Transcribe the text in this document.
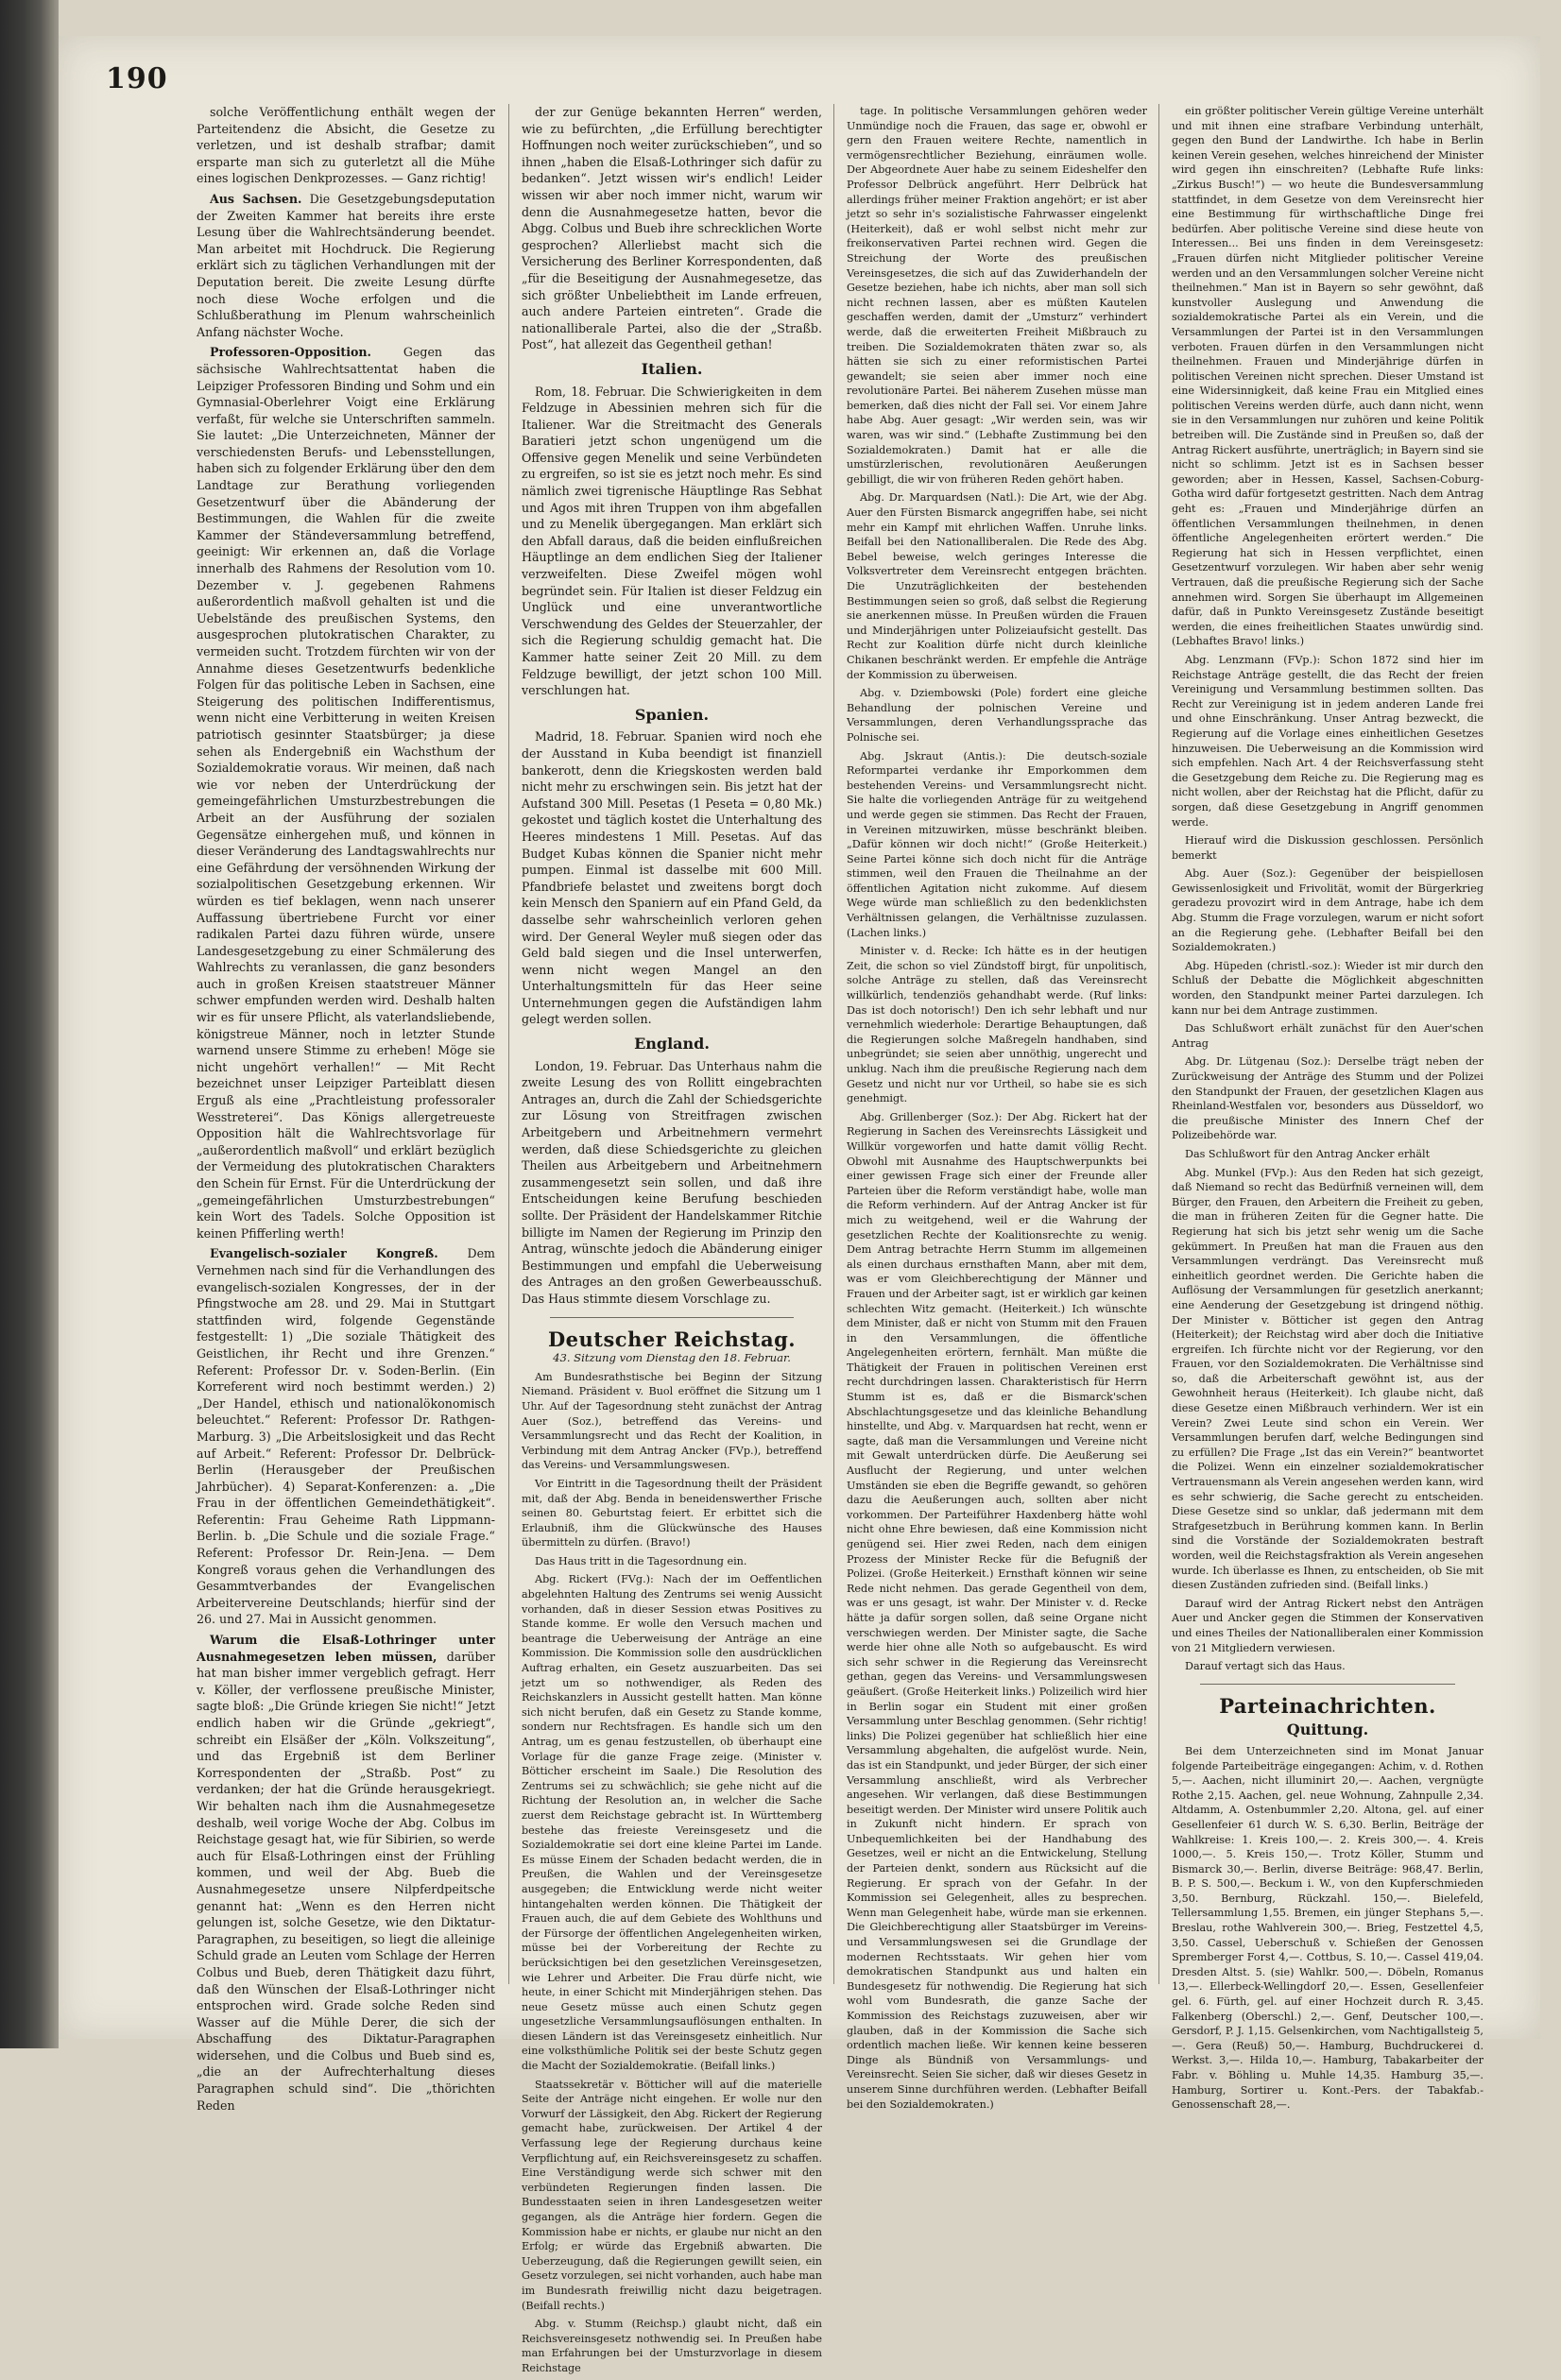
190

solche Veröffentlichung enthält wegen der Parteitendenz die Absicht, die Gesetze zu verletzen, und ist deshalb strafbar; damit ersparte man sich zu guterletzt all die Mühe eines logischen Denkprozesses. — Ganz richtig!

Aus Sachsen. Die Gesetzgebungsdeputation der Zweiten Kammer hat bereits ihre erste Lesung über die Wahlrechtsänderung beendet. Man arbeitet mit Hochdruck. Die Regierung erklärt sich zu täglichen Verhandlungen mit der Deputation bereit. Die zweite Lesung dürfte noch diese Woche erfolgen und die Schlußberathung im Plenum wahrscheinlich Anfang nächster Woche.

Professoren-Opposition.	Gegen das sächsische Wahlrechtsattentat haben die Leipziger Professoren Binding und Sohm und ein Gymnasial-Oberlehrer Voigt eine Erklärung verfaßt, für welche sie Unterschriften sammeln. Sie lautet: „Die Unterzeichneten, Männer der verschiedensten Berufs- und Lebensstellungen, haben sich zu folgender Erklärung über den dem Landtage zur Berathung vorliegenden Gesetzentwurf über die Abänderung der Bestimmungen, die Wahlen für die zweite Kammer der Ständeversammlung betreffend, geeinigt: Wir erkennen an, daß die Vorlage innerhalb des Rahmens der Resolution vom 10. Dezember v. J. gegebenen Rahmens außerordentlich maßvoll gehalten ist und die Uebelstände des preußischen Systems, den ausgesprochen plutokratischen Charakter, zu vermeiden sucht. Trotzdem fürchten wir von der Annahme dieses Gesetzentwurfs bedenkliche Folgen für das politische Leben in Sachsen, eine Steigerung des politischen Indifferentismus, wenn nicht eine Verbitterung in weiten Kreisen patriotisch gesinnter Staatsbürger; ja diese sehen als Endergebniß ein Wachsthum der Sozialdemokratie voraus. Wir meinen, daß nach wie vor neben der Unterdrückung der gemeingefährlichen Umsturzbestrebungen die Arbeit an der Ausführung der sozialen Gegensätze einhergehen muß, und können in dieser Veränderung des Landtagswahlrechts nur eine Gefährdung der versöhnenden Wirkung der sozialpolitischen Gesetzgebung erkennen. Wir würden es tief beklagen, wenn nach unserer Auffassung übertriebene Furcht vor einer radikalen Partei dazu führen würde, unsere Landesgesetzgebung zu einer Schmälerung des Wahlrechts zu veranlassen, die ganz besonders auch in großen Kreisen staatstreuer Männer schwer empfunden werden wird. Deshalb halten wir es für unsere Pflicht, als vaterlandsliebende, königstreue Männer, noch in letzter Stunde warnend unsere Stimme zu erheben! Möge sie nicht ungehört verhallen!“ — Mit Recht bezeichnet unser Leipziger Parteiblatt diesen Erguß als eine „Prachtleistung professoraler Wesstreterei“. Das Königs allergetreueste Opposition hält die Wahlrechtsvorlage für „außerordentlich maßvoll“ und erklärt bezüglich der Vermeidung des plutokratischen Charakters den Schein für Ernst. Für die Unterdrückung der „gemeingefährlichen Umsturzbestrebungen“ kein Wort des Tadels. Solche Opposition ist keinen Pfifferling werth!

Evangelisch-sozialer Kongreß. Dem Vernehmen nach sind für die Verhandlungen des evangelisch-sozialen Kongresses, der in der Pfingstwoche am 28. und 29. Mai in Stuttgart stattfinden wird, folgende Gegenstände festgestellt: 1) „Die soziale Thätigkeit des Geistlichen, ihr Recht und ihre Grenzen.“ Referent: Professor Dr. v. Soden-Berlin. (Ein Korreferent wird noch bestimmt werden.) 2) „Der Handel, ethisch und nationalökonomisch beleuchtet.“ Referent: Professor Dr. Rathgen-Marburg. 3) „Die Arbeitslosigkeit und das Recht auf Arbeit.“ Referent: Professor Dr. Delbrück-Berlin (Herausgeber der Preußischen Jahrbücher). 4) Separat-Konferenzen: a. „Die Frau in der öffentlichen Gemeindethätigkeit“. Referentin: Frau Geheime Rath Lippmann-Berlin. b. „Die Schule und die soziale Frage.“ Referent: Professor Dr. Rein-Jena. — Dem Kongreß voraus gehen die Verhandlungen des Gesammtverbandes der Evangelischen Arbeitervereine Deutschlands; hierfür sind der 26. und 27. Mai in Aussicht genommen.

Warum die Elsaß-Lothringer unter Ausnahmegesetzen leben müssen, darüber hat man bisher immer vergeblich gefragt. Herr v. Köller, der verflossene preußische Minister, sagte bloß: „Die Gründe kriegen Sie nicht!“ Jetzt endlich haben wir die Gründe „gekriegt“, schreibt ein Elsäßer der „Köln. Volkszeitung“, und das Ergebniß ist dem Berliner Korrespondenten der „Straßb. Post“ zu verdanken; der hat die Gründe herausgekriegt. Wir behalten nach ihm die Ausnahmegesetze deshalb, weil vorige Woche der Abg. Colbus im Reichstage gesagt hat, wie für Sibirien, so werde auch für Elsaß-Lothringen einst der Frühling kommen, und weil der Abg. Bueb die Ausnahmegesetze unsere Nilpferdpeitsche genannt hat: „Wenn es den Herren nicht gelungen ist, solche Gesetze, wie den Diktatur-Paragraphen, zu beseitigen, so liegt die alleinige Schuld grade an Leuten vom Schlage der Herren Colbus und Bueb, deren Thätigkeit dazu führt, daß den Wünschen der Elsaß-Lothringer nicht entsprochen wird. Grade solche Reden sind Wasser auf die Mühle Derer, die sich der Abschaffung des Diktatur-Paragraphen widersehen, und die Colbus und Bueb sind es, „die an der Aufrechterhaltung dieses Paragraphen schuld sind“. Die „thörichten Reden

der zur Genüge bekannten Herren“ werden, wie zu befürchten, „die Erfüllung berechtigter Hoffnungen noch weiter zurückschieben“, und so ihnen „haben die Elsaß-Lothringer sich dafür zu bedanken“. Jetzt wissen wir's endlich! Leider wissen wir aber noch immer nicht, warum wir denn die Ausnahmegesetze hatten, bevor die Abgg. Colbus und Bueb ihre schrecklichen Worte gesprochen? Allerliebst macht sich die Versicherung des Berliner Korrespondenten, daß „für die Beseitigung der Ausnahmegesetze, das sich größter Unbeliebtheit im Lande erfreuen, auch andere Parteien eintreten“. Grade die nationalliberale Partei, also die der „Straßb. Post“, hat allezeit das Gegentheil gethan!

Italien.

Rom, 18. Februar. Die Schwierigkeiten in dem Feldzuge in Abessinien mehren sich für die Italiener. War die Streitmacht des Generals Baratieri jetzt schon ungenügend um die Offensive gegen Menelik und seine Verbündeten zu ergreifen, so ist sie es jetzt noch mehr. Es sind nämlich zwei tigrenische Häuptlinge Ras Sebhat und Agos mit ihren Truppen von ihm abgefallen und zu Menelik übergegangen. Man erklärt sich den Abfall daraus, daß die beiden einflußreichen Häuptlinge an dem endlichen Sieg der Italiener verzweifelten. Diese Zweifel mögen wohl begründet sein. Für Italien ist dieser Feldzug ein Unglück und eine unverantwortliche Verschwendung des Geldes der Steuerzahler, der sich die Regierung schuldig gemacht hat. Die Kammer hatte seiner Zeit 20 Mill. zu dem Feldzuge bewilligt, der jetzt schon 100 Mill. verschlungen hat.

Spanien.

Madrid, 18. Februar. Spanien wird noch ehe der Ausstand in Kuba beendigt ist finanziell bankerott, denn die Kriegskosten werden bald nicht mehr zu erschwingen sein. Bis jetzt hat der Aufstand 300 Mill. Pesetas (1 Peseta = 0,80 Mk.) gekostet und täglich kostet die Unterhaltung des Heeres mindestens 1 Mill. Pesetas. Auf das Budget Kubas können die Spanier nicht mehr pumpen. Einmal ist dasselbe mit 600 Mill. Pfandbriefe belastet und zweitens borgt doch kein Mensch den Spaniern auf ein Pfand Geld, da dasselbe sehr wahrscheinlich verloren gehen wird. Der General Weyler muß siegen oder das Geld bald siegen und die Insel unterwerfen, wenn nicht wegen Mangel an den Unterhaltungsmitteln für das Heer seine Unternehmungen gegen die Aufständigen lahm gelegt werden sollen.

England.

London, 19. Februar. Das Unterhaus nahm die zweite Lesung des von Rollitt eingebrachten Antrages an, durch die Zahl der Schiedsgerichte zur Lösung von Streitfragen zwischen Arbeitgebern und Arbeitnehmern vermehrt werden, daß diese Schiedsgerichte zu gleichen Theilen aus Arbeitgebern und Arbeitnehmern zusammengesetzt sein sollen, und daß ihre Entscheidungen keine Berufung beschieden sollte. Der Präsident der Handelskammer Ritchie billigte im Namen der Regierung im Prinzip den Antrag, wünschte jedoch die Abänderung einiger Bestimmungen und empfahl die Ueberweisung des Antrages an den großen Gewerbeausschuß. Das Haus stimmte diesem Vorschlage zu.

Deutscher Reichstag.

43. Sitzung vom Dienstag den 18. Februar.

Am Bundesrathstische bei Beginn der Sitzung Niemand. Präsident v. Buol eröffnet die Sitzung um 1 Uhr. Auf der Tagesordnung steht zunächst der Antrag Auer (Soz.), betreffend das Vereins- und Versammlungsrecht und das Recht der Koalition, in Verbindung mit dem Antrag Ancker (FVp.), betreffend das Vereins- und Versammlungswesen.

Vor Eintritt in die Tagesordnung theilt der Präsident mit, daß der Abg. Benda in beneidenswerther Frische seinen 80. Geburtstag feiert. Er erbittet sich die Erlaubniß, ihm die Glückwünsche des Hauses übermitteln zu dürfen. (Bravo!)

Das Haus tritt in die Tagesordnung ein.

Abg. Rickert (FVg.): Nach der im Oeffentlichen abgelehnten Haltung des Zentrums sei wenig Aussicht vorhanden, daß in dieser Session etwas Positives zu Stande komme. Er wolle den Versuch machen und beantrage die Ueberweisung der Anträge an eine Kommission. Die Kommission solle den ausdrücklichen Auftrag erhalten, ein Gesetz auszuarbeiten. Das sei jetzt um so nothwendiger, als Reden des Reichskanzlers in Aussicht gestellt hatten. Man könne sich nicht berufen, daß ein Gesetz zu Stande komme, sondern nur Rechtsfragen. Es handle sich um den Antrag, um es genau festzustellen, ob überhaupt eine Vorlage für die ganze Frage zeige. (Minister v. Bötticher erscheint im Saale.) Die Resolution des Zentrums sei zu schwächlich; sie gehe nicht auf die Richtung der Resolution an, in welcher die Sache zuerst dem Reichstage gebracht ist. In Württemberg bestehe das freieste Vereinsgesetz und die Sozialdemokratie sei dort eine kleine Partei im Lande. Es müsse Einem der Schaden bedacht werden, die in Preußen, die Wahlen und der Vereinsgesetze ausgegeben; die Entwicklung werde nicht weiter hintangehalten werden können. Die Thätigkeit der Frauen auch, die auf dem Gebiete des Wohlthuns und der Fürsorge der öffentlichen Angelegenheiten wirken, müsse bei der Vorbereitung der Rechte zu berücksichtigen bei den gesetzlichen Vereinsgesetzen, wie Lehrer und Arbeiter. Die Frau dürfe nicht, wie heute, in einer Schicht mit Minderjährigen stehen. Das neue Gesetz müsse auch einen Schutz gegen ungesetzliche Versammlungsauflösungen enthalten. In diesen Ländern ist das Vereinsgesetz einheitlich. Nur eine volksthümliche Politik sei der beste Schutz gegen die Macht der Sozialdemokratie. (Beifall links.)

Staatssekretär v. Bötticher will auf die materielle Seite der Anträge nicht eingehen. Er wolle nur den Vorwurf der Lässigkeit, den Abg. Rickert der Regierung gemacht habe, zurückweisen. Der Artikel 4 der Verfassung lege der Regierung durchaus keine Verpflichtung auf, ein Reichsvereinsgesetz zu schaffen. Eine Verständigung werde sich schwer mit den verbündeten Regierungen finden lassen. Die Bundesstaaten seien in ihren Landesgesetzen weiter gegangen, als die Anträge hier fordern. Gegen die Kommission habe er nichts, er glaube nur nicht an den Erfolg; er würde das Ergebniß abwarten. Die Ueberzeugung, daß die Regierungen gewillt seien, ein Gesetz vorzulegen, sei nicht vorhanden, auch habe man im Bundesrath freiwillig nicht dazu beigetragen. (Beifall rechts.)

Abg. v. Stumm (Reichsp.) glaubt nicht, daß ein Reichsvereinsgesetz nothwendig sei. In Preußen habe man Erfahrungen bei der Umsturzvorlage in diesem Reichstage

tage. In politische Versammlungen gehören weder Unmündige noch die Frauen, das sage er, obwohl er gern den Frauen weitere Rechte, namentlich in vermögensrechtlicher Beziehung, einräumen wolle. Der Abgeordnete Auer habe zu seinem Eideshelfer den Professor Delbrück angeführt. Herr Delbrück hat allerdings früher meiner Fraktion angehört; er ist aber jetzt so sehr in's sozialistische Fahrwasser eingelenkt (Heiterkeit), daß er wohl selbst nicht mehr zur freikonservativen Partei rechnen wird. Gegen die Streichung der Worte des preußischen Vereinsgesetzes, die sich auf das Zuwiderhandeln der Gesetze beziehen, habe ich nichts, aber man soll sich nicht rechnen lassen, aber es müßten Kautelen geschaffen werden, damit der „Umsturz“ verhindert werde, daß die erweiterten Freiheit Mißbrauch zu treiben. Die Sozialdemokraten thäten zwar so, als hätten sie sich zu einer reformistischen Partei gewandelt; sie seien aber immer noch eine revolutionäre Partei. Bei näherem Zusehen müsse man bemerken, daß dies nicht der Fall sei. Vor einem Jahre habe Abg. Auer gesagt: „Wir werden sein, was wir waren, was wir sind.“ (Lebhafte Zustimmung bei den Sozialdemokraten.) Damit hat er alle die umstürzlerischen, revolutionären Aeußerungen gebilligt, die wir von früheren Reden gehört haben.

Abg. Dr. Marquardsen (Natl.): Die Art, wie der Abg. Auer den Fürsten Bismarck angegriffen habe, sei nicht mehr ein Kampf mit ehrlichen Waffen. Unruhe links. Beifall bei den Nationalliberalen. Die Rede des Abg. Bebel beweise, welch geringes Interesse die Volksvertreter dem Vereinsrecht entgegen brächten. Die Unzuträglichkeiten der bestehenden Bestimmungen seien so groß, daß selbst die Regierung sie anerkennen müsse. In Preußen würden die Frauen und Minderjährigen unter Polizeiaufsicht gestellt. Das Recht zur Koalition dürfe nicht durch kleinliche Chikanen beschränkt werden. Er empfehle die Anträge der Kommission zu überweisen.

Abg. v. Dziembowski (Pole) fordert eine gleiche Behandlung der polnischen Vereine und Versammlungen, deren Verhandlungssprache das Polnische sei.

Abg. Jskraut (Antis.): Die deutsch-soziale Reformpartei verdanke ihr Emporkommen dem bestehenden Vereins- und Versammlungsrecht nicht. Sie halte die vorliegenden Anträge für zu weitgehend und werde gegen sie stimmen. Das Recht der Frauen, in Vereinen mitzuwirken, müsse beschränkt bleiben. „Dafür können wir doch nicht!“ (Große Heiterkeit.) Seine Partei könne sich doch nicht für die Anträge stimmen, weil den Frauen die Theilnahme an der öffentlichen Agitation nicht zukomme. Auf diesem Wege würde man schließlich zu den bedenklichsten Verhältnissen gelangen, die Verhältnisse zuzulassen. (Lachen links.)

Minister v. d. Recke: Ich hätte es in der heutigen Zeit, die schon so viel Zündstoff birgt, für unpolitisch, solche Anträge zu stellen, daß das Vereinsrecht willkürlich, tendenziös gehandhabt werde. (Ruf links: Das ist doch notorisch!) Den ich sehr lebhaft und nur vernehmlich wiederhole: Derartige Behauptungen, daß die Regierungen solche Maßregeln handhaben, sind unbegründet; sie seien aber unnöthig, ungerecht und unklug. Nach ihm die preußische Regierung nach dem Gesetz und nicht nur vor Urtheil, so habe sie es sich genehmigt.

Abg. Grillenberger (Soz.): Der Abg. Rickert hat der Regierung in Sachen des Vereinsrechts Lässigkeit und Willkür vorgeworfen und hatte damit völlig Recht. Obwohl mit Ausnahme des Hauptschwerpunkts bei einer gewissen Frage sich einer der Freunde aller Parteien über die Reform verständigt habe, wolle man die Reform verhindern. Auf der Antrag Ancker ist für mich zu weitgehend, weil er die Wahrung der gesetzlichen Rechte der Koalitionsrechte zu wenig. Dem Antrag betrachte Herrn Stumm im allgemeinen als einen durchaus ernsthaften Mann, aber mit dem, was er vom Gleichberechtigung der Männer und Frauen und der Arbeiter sagt, ist er wirklich gar keinen schlechten Witz gemacht. (Heiterkeit.) Ich wünschte dem Minister, daß er nicht von Stumm mit den Frauen in den Versammlungen, die öffentliche Angelegenheiten erörtern, fernhält. Man müßte die Thätigkeit der Frauen in politischen Vereinen erst recht durchdringen lassen. Charakteristisch für Herrn Stumm ist es, daß er die Bismarck'schen Abschlachtungsgesetze und das kleinliche Behandlung hinstellte, und Abg. v. Marquardsen hat recht, wenn er sagte, daß man die Versammlungen und Vereine nicht mit Gewalt unterdrücken dürfe. Die Aeußerung sei Ausflucht der Regierung, und unter welchen Umständen sie eben die Begriffe gewandt, so gehören dazu die Aeußerungen auch, sollten aber nicht vorkommen. Der Parteiführer Haxdenberg hätte wohl nicht ohne Ehre bewiesen, daß eine Kommission nicht genügend sei. Hier zwei Reden, nach dem einigen Prozess der Minister Recke für die Befugniß der Polizei. (Große Heiterkeit.) Ernsthaft können wir seine Rede nicht nehmen. Das gerade Gegentheil von dem, was er uns gesagt, ist wahr. Der Minister v. d. Recke hätte ja dafür sorgen sollen, daß seine Organe nicht verschwiegen werden. Der Minister sagte, die Sache werde hier ohne alle Noth so aufgebauscht. Es wird sich sehr schwer in die Regierung das Vereinsrecht gethan, gegen das Vereins- und Versammlungswesen geäußert. (Große Heiterkeit links.) Polizeilich wird hier in Berlin sogar ein Student mit einer großen Versammlung unter Beschlag genommen. (Sehr richtig! links) Die Polizei gegenüber hat schließlich hier eine Versammlung abgehalten, die aufgelöst wurde. Nein, das ist ein Standpunkt, und jeder Bürger, der sich einer Versammlung anschließt, wird als Verbrecher angesehen. Wir verlangen, daß diese Bestimmungen beseitigt werden. Der Minister wird unsere Politik auch in Zukunft nicht hindern. Er sprach von Unbequemlichkeiten bei der Handhabung des Gesetzes, weil er nicht an die Entwickelung, Stellung der Parteien denkt, sondern aus Rücksicht auf die Regierung. Er sprach von der Gefahr. In der Kommission sei Gelegenheit, alles zu besprechen. Wenn man Gelegenheit habe, würde man sie erkennen. Die Gleichberechtigung aller Staatsbürger im Vereins- und Versammlungswesen sei die Grundlage der modernen Rechtsstaats. Wir gehen hier vom demokratischen Standpunkt aus und halten ein Bundesgesetz für nothwendig. Die Regierung hat sich wohl vom Bundesrath, die ganze Sache der Kommission des Reichstags zuzuweisen, aber wir glauben, daß in der Kommission die Sache sich ordentlich machen ließe. Wir kennen keine besseren Dinge als Bündniß von Versammlungs- und Vereinsrecht. Seien Sie sicher, daß wir dieses Gesetz in unserem Sinne durchführen werden. (Lebhafter Beifall bei den Sozialdemokraten.)

ein größter politischer Verein gültige Vereine unterhält und mit ihnen eine strafbare Verbindung unterhält, gegen den Bund der Landwirthe. Ich habe in Berlin keinen Verein gesehen, welches hinreichend der Minister wird gegen ihn einschreiten? (Lebhafte Rufe links: „Zirkus Busch!“) — wo heute die Bundesversammlung stattfindet, in dem Gesetze von dem Vereinsrecht hier eine Bestimmung für wirthschaftliche Dinge frei bedürfen. Aber politische Vereine sind diese heute von Interessen... Bei uns finden in dem Vereinsgesetz: „Frauen dürfen nicht Mitglieder politischer Vereine werden und an den Versammlungen solcher Vereine nicht theilnehmen.“ Man ist in Bayern so sehr gewöhnt, daß kunstvoller Auslegung und Anwendung die sozialdemokratische Partei als ein Verein, und die Versammlungen der Partei ist in den Versammlungen verboten. Frauen dürfen in den Versammlungen nicht theilnehmen. Frauen und Minderjährige dürfen in politischen Vereinen nicht sprechen. Dieser Umstand ist eine Widersinnigkeit, daß keine Frau ein Mitglied eines politischen Vereins werden dürfe, auch dann nicht, wenn sie in den Versammlungen nur zuhören und keine Politik betreiben will. Die Zustände sind in Preußen so, daß der Antrag Rickert ausführte, unerträglich; in Bayern sind sie nicht so schlimm. Jetzt ist es in Sachsen besser geworden; aber in Hessen, Kassel, Sachsen-Coburg-Gotha wird dafür fortgesetzt gestritten. Nach dem Antrag geht es: „Frauen und Minderjährige dürfen an öffentlichen Versammlungen theilnehmen, in denen öffentliche Angelegenheiten erörtert werden.“ Die Regierung hat sich in Hessen verpflichtet, einen Gesetzentwurf vorzulegen. Wir haben aber sehr wenig Vertrauen, daß die preußische Regierung sich der Sache annehmen wird. Sorgen Sie überhaupt im Allgemeinen dafür, daß in Punkto Vereinsgesetz Zustände beseitigt werden, die eines freiheitlichen Staates unwürdig sind. (Lebhaftes Bravo! links.)

Abg. Lenzmann (FVp.): Schon 1872 sind hier im Reichstage Anträge gestellt, die das Recht der freien Vereinigung und Versammlung bestimmen sollten. Das Recht zur Vereinigung ist in jedem anderen Lande frei und ohne Einschränkung. Unser Antrag bezweckt, die Regierung auf die Vorlage eines einheitlichen Gesetzes hinzuweisen. Die Ueberweisung an die Kommission wird sich empfehlen. Nach Art. 4 der Reichsverfassung steht die Gesetzgebung dem Reiche zu. Die Regierung mag es nicht wollen, aber der Reichstag hat die Pflicht, dafür zu sorgen, daß diese Gesetzgebung in Angriff genommen werde.

Hierauf wird die Diskussion geschlossen. Persönlich bemerkt

Abg. Auer (Soz.): Gegenüber der beispiellosen Gewissenlosigkeit und Frivolität, womit der Bürgerkrieg geradezu provozirt wird in dem Antrage, habe ich dem Abg. Stumm die Frage vorzulegen, warum er nicht sofort an die Regierung gehe. (Lebhafter Beifall bei den Sozialdemokraten.)

Abg. Hüpeden (christl.-soz.): Wieder ist mir durch den Schluß der Debatte die Möglichkeit abgeschnitten worden, den Standpunkt meiner Partei darzulegen. Ich kann nur bei dem Antrage zustimmen.

Das Schlußwort erhält zunächst für den Auer'schen Antrag

Abg. Dr. Lütgenau (Soz.): Derselbe trägt neben der Zurückweisung der Anträge des Stumm und der Polizei den Standpunkt der Frauen, der gesetzlichen Klagen aus Rheinland-Westfalen vor, besonders aus Düsseldorf, wo die preußische Minister des Innern Chef der Polizeibehörde war.

Das Schlußwort für den Antrag Ancker erhält

Abg. Munkel (FVp.): Aus den Reden hat sich gezeigt, daß Niemand so recht das Bedürfniß verneinen will, dem Bürger, den Frauen, den Arbeitern die Freiheit zu geben, die man in früheren Zeiten für die Gegner hatte. Die Regierung hat sich bis jetzt sehr wenig um die Sache gekümmert. In Preußen hat man die Frauen aus den Versammlungen verdrängt. Das Vereinsrecht muß einheitlich geordnet werden. Die Gerichte haben die Auflösung der Versammlungen für gesetzlich anerkannt; eine Aenderung der Gesetzgebung ist dringend nöthig. Der Minister v. Bötticher ist gegen den Antrag (Heiterkeit); der Reichstag wird aber doch die Initiative ergreifen. Ich fürchte nicht vor der Regierung, vor den Frauen, vor den Sozialdemokraten. Die Verhältnisse sind so, daß die Arbeiterschaft gewöhnt ist, aus der Gewohnheit heraus (Heiterkeit). Ich glaube nicht, daß diese Gesetze einen Mißbrauch verhindern. Wer ist ein Verein? Zwei Leute sind schon ein Verein. Wer Versammlungen berufen darf, welche Bedingungen sind zu erfüllen? Die Frage „Ist das ein Verein?“ beantwortet die Polizei. Wenn ein einzelner sozialdemokratischer Vertrauensmann als Verein angesehen werden kann, wird es sehr schwierig, die Sache gerecht zu entscheiden. Diese Gesetze sind so unklar, daß jedermann mit dem Strafgesetzbuch in Berührung kommen kann. In Berlin sind die Vorstände der Sozialdemokraten bestraft worden, weil die Reichstagsfraktion als Verein angesehen wurde. Ich überlasse es Ihnen, zu entscheiden, ob Sie mit diesen Zuständen zufrieden sind. (Beifall links.)

Darauf wird der Antrag Rickert nebst den Anträgen Auer und Ancker gegen die Stimmen der Konservativen und eines Theiles der Nationalliberalen einer Kommission von 21 Mitgliedern verwiesen.

Darauf vertagt sich das Haus.

Parteinachrichten.
Quittung.

Bei dem Unterzeichneten sind im Monat Januar folgende Parteibeiträge eingegangen: Achim, v. d. Rothen 5,—. Aachen, nicht illuminirt 20,—. Aachen, vergnügte Rothe 2,15. Aachen, gel. neue Wohnung, Zahnpulle 2,34. Altdamm, A. Ostenbummler 2,20. Altona, gel. auf einer Gesellenfeier 61 durch W. S. 6,30. Berlin, Beiträge der Wahlkreise: 1. Kreis 100,—. 2. Kreis 300,—. 4. Kreis 1000,—. 5. Kreis 150,—. Trotz Köller, Stumm und Bismarck 30,—. Berlin, diverse Beiträge: 968,47. Berlin, B. P. S. 500,—. Beckum i. W., von den Kupferschmieden 3,50. Bernburg, Rückzahl. 150,—. Bielefeld, Tellersammlung 1,55. Bremen, ein jünger Stephans 5,—. Breslau, rothe Wahlverein 300,—. Brieg, Festzettel 4,5, 3,50. Cassel, Ueberschuß v. Schießen der Genossen Spremberger Forst 4,—. Cottbus, S. 10,—. Cassel 419,04. Dresden Altst. 5. (sie) Wahlkr. 500,—. Döbeln, Romanus 13,—. Ellerbeck-Wellingdorf 20,—. Essen, Gesellenfeier gel. 6. Fürth, gel. auf einer Hochzeit durch R. 3,45. Falkenberg (Oberschl.) 2,—. Genf, Deutscher 100,—. Gersdorf, P. J. 1,15. Gelsenkirchen, vom Nachtigallsteig 5,—. Gera (Reuß) 50,—. Hamburg, Buchdruckerei d. Werkst. 3,—. Hilda 10,—. Hamburg, Tabakarbeiter der Fabr. v. Böhling u. Muhle 14,35. Hamburg 35,—. Hamburg, Sortirer u. Kont.-Pers. der Tabakfab.-Genossenschaft 28,—.
